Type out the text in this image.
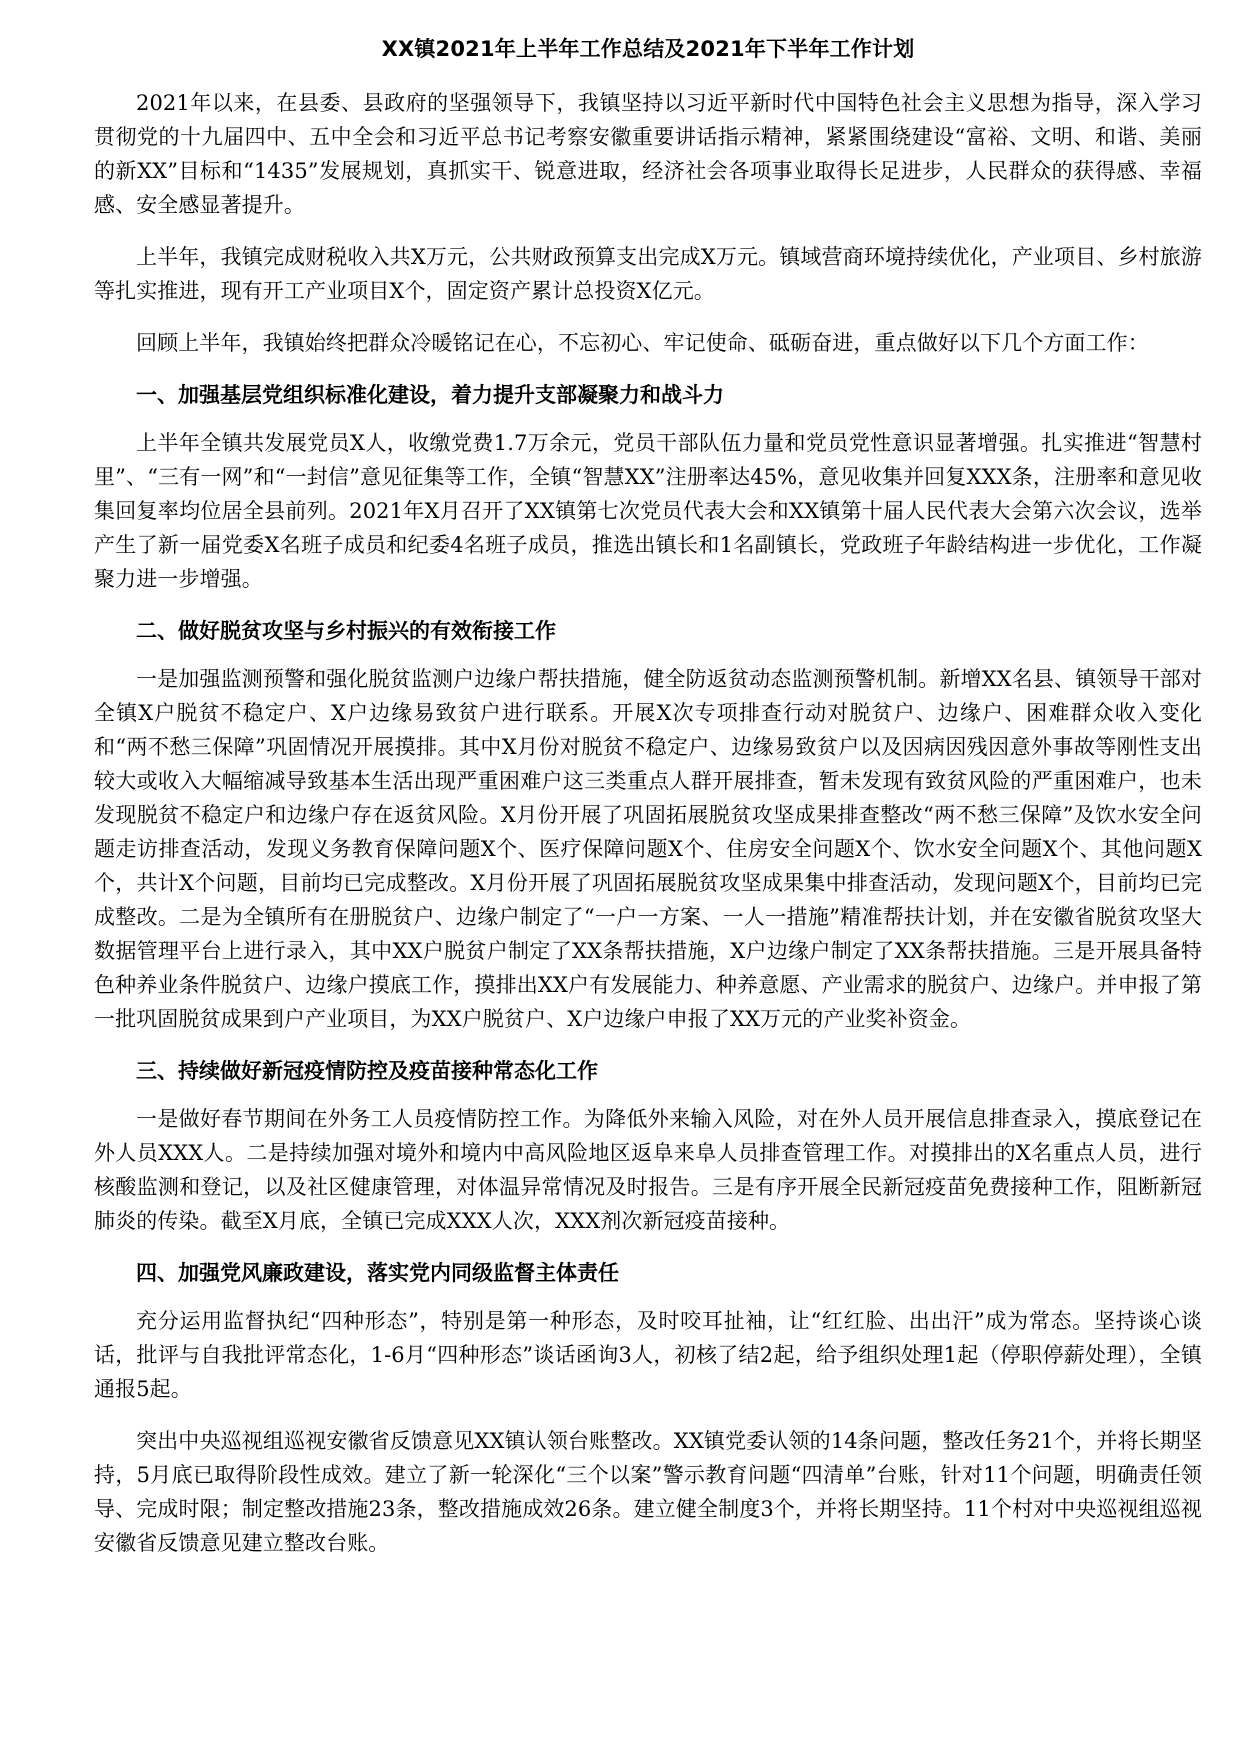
XX镇2021年上半年工作总结及2021年下半年工作计划

2021年以来，在县委、县政府的坚强领导下，我镇坚持以习近平新时代中国特色社会主义思想为指导，深入学习贯彻党的十九届四中、五中全会和习近平总书记考察安徽重要讲话指示精神，紧紧围绕建设“富裕、文明、和谐、美丽的新XX”目标和“1435”发展规划，真抓实干、锐意进取，经济社会各项事业取得长足进步，人民群众的获得感、幸福感、安全感显著提升。

上半年，我镇完成财税收入共X万元，公共财政预算支出完成X万元。镇域营商环境持续优化，产业项目、乡村旅游等扎实推进，现有开工产业项目X个，固定资产累计总投资X亿元。

回顾上半年，我镇始终把群众冷暖铭记在心，不忘初心、牢记使命、砥砺奋进，重点做好以下几个方面工作：

一、加强基层党组织标准化建设，着力提升支部凝聚力和战斗力

上半年全镇共发展党员X人，收缴党费1.7万余元，党员干部队伍力量和党员党性意识显著增强。扎实推进“智慧村里”、“三有一网”和“一封信”意见征集等工作，全镇“智慧XX”注册率达45%，意见收集并回复XXX条，注册率和意见收集回复率均位居全县前列。2021年X月召开了XX镇第七次党员代表大会和XX镇第十届人民代表大会第六次会议，选举产生了新一届党委X名班子成员和纪委4名班子成员，推选出镇长和1名副镇长，党政班子年龄结构进一步优化，工作凝聚力进一步增强。

二、做好脱贫攻坚与乡村振兴的有效衔接工作

一是加强监测预警和强化脱贫监测户边缘户帮扶措施，健全防返贫动态监测预警机制。新增XX名县、镇领导干部对全镇X户脱贫不稳定户、X户边缘易致贫户进行联系。开展X次专项排查行动对脱贫户、边缘户、困难群众收入变化和“两不愁三保障”巩固情况开展摸排。其中X月份对脱贫不稳定户、边缘易致贫户以及因病因残因意外事故等刚性支出较大或收入大幅缩减导致基本生活出现严重困难户这三类重点人群开展排查，暂未发现有致贫风险的严重困难户，也未发现脱贫不稳定户和边缘户存在返贫风险。X月份开展了巩固拓展脱贫攻坚成果排查整改“两不愁三保障”及饮水安全问题走访排查活动，发现义务教育保障问题X个、医疗保障问题X个、住房安全问题X个、饮水安全问题X个、其他问题X个，共计X个问题，目前均已完成整改。X月份开展了巩固拓展脱贫攻坚成果集中排查活动，发现问题X个，目前均已完成整改。二是为全镇所有在册脱贫户、边缘户制定了“一户一方案、一人一措施”精准帮扶计划，并在安徽省脱贫攻坚大数据管理平台上进行录入，其中XX户脱贫户制定了XX条帮扶措施，X户边缘户制定了XX条帮扶措施。三是开展具备特色种养业条件脱贫户、边缘户摸底工作，摸排出XX户有发展能力、种养意愿、产业需求的脱贫户、边缘户。并申报了第一批巩固脱贫成果到户产业项目，为XX户脱贫户、X户边缘户申报了XX万元的产业奖补资金。

三、持续做好新冠疫情防控及疫苗接种常态化工作

一是做好春节期间在外务工人员疫情防控工作。为降低外来输入风险，对在外人员开展信息排查录入，摸底登记在外人员XXX人。二是持续加强对境外和境内中高风险地区返阜来阜人员排查管理工作。对摸排出的X名重点人员，进行核酸监测和登记，以及社区健康管理，对体温异常情况及时报告。三是有序开展全民新冠疫苗免费接种工作，阻断新冠肺炎的传染。截至X月底，全镇已完成XXX人次，XXX剂次新冠疫苗接种。

四、加强党风廉政建设，落实党内同级监督主体责任

充分运用监督执纪“四种形态”，特别是第一种形态，及时咬耳扯袖，让“红红脸、出出汗”成为常态。坚持谈心谈话，批评与自我批评常态化，1-6月“四种形态”谈话函询3人，初核了结2起，给予组织处理1起（停职停薪处理），全镇通报5起。

突出中央巡视组巡视安徽省反馈意见XX镇认领台账整改。XX镇党委认领的14条问题，整改任务21个，并将长期坚持，5月底已取得阶段性成效。建立了新一轮深化“三个以案”警示教育问题“四清单”台账，针对11个问题，明确责任领导、完成时限；制定整改措施23条，整改措施成效26条。建立健全制度3个，并将长期坚持。11个村对中央巡视组巡视安徽省反馈意见建立整改台账。
